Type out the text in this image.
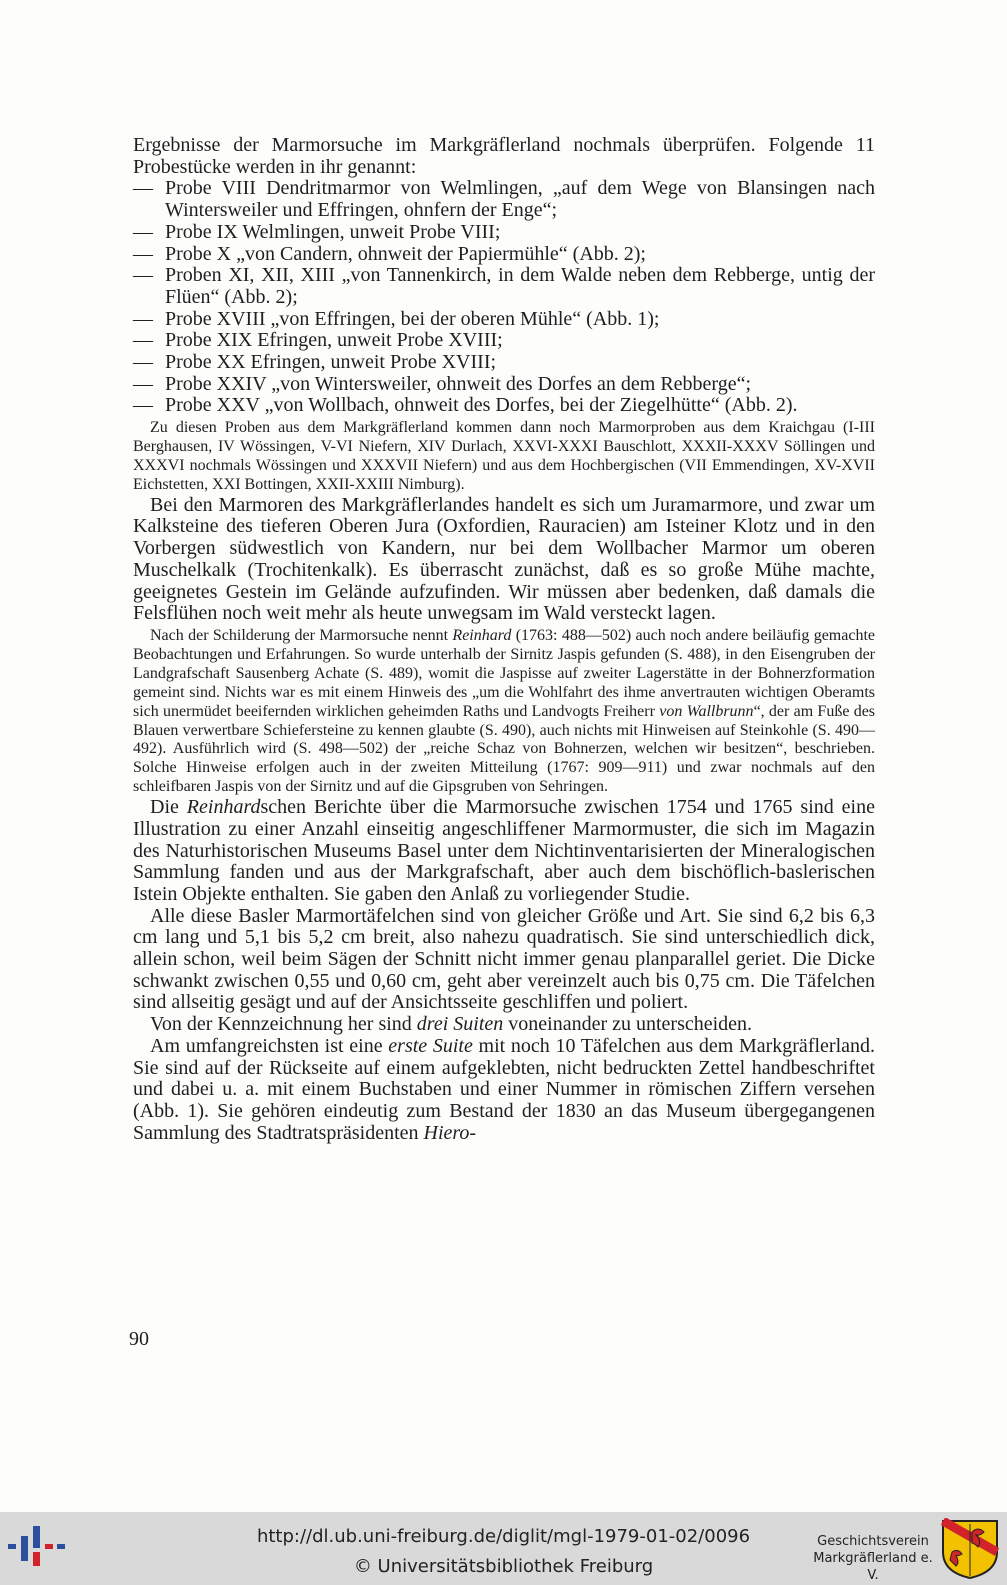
Ergebnisse der Marmorsuche im Markgräflerland nochmals überprüfen. Folgende 11 Probestücke werden in ihr genannt:

— Probe VIII Dendritmarmor von Welmlingen, „auf dem Wege von Blansingen nach Wintersweiler und Effringen, ohnfern der Enge“;
— Probe IX Welmlingen, unweit Probe VIII;
— Probe X „von Candern, ohnweit der Papiermühle“ (Abb. 2);
— Proben XI, XII, XIII „von Tannenkirch, in dem Walde neben dem Rebberge, untig der Flüen“ (Abb. 2);
— Probe XVIII „von Effringen, bei der oberen Mühle“ (Abb. 1);
— Probe XIX Efringen, unweit Probe XVIII;
— Probe XX Efringen, unweit Probe XVIII;
— Probe XXIV „von Wintersweiler, ohnweit des Dorfes an dem Rebberge“;
— Probe XXV „von Wollbach, ohnweit des Dorfes, bei der Ziegelhütte“ (Abb. 2).

Zu diesen Proben aus dem Markgräflerland kommen dann noch Marmorproben aus dem Kraichgau (I-III Berghausen, IV Wössingen, V-VI Niefern, XIV Durlach, XXVI-XXXI Bauschlott, XXXII-XXXV Söllingen und XXXVI nochmals Wössingen und XXXVII Niefern) und aus dem Hochbergischen (VII Emmendingen, XV-XVII Eichstetten, XXI Bottingen, XXII-XXIII Nimburg).

Bei den Marmoren des Markgräflerlandes handelt es sich um Juramarmore, und zwar um Kalksteine des tieferen Oberen Jura (Oxfordien, Rauracien) am Isteiner Klotz und in den Vorbergen südwestlich von Kandern, nur bei dem Wollbacher Marmor um oberen Muschelkalk (Trochitenkalk). Es überrascht zunächst, daß es so große Mühe machte, geeignetes Gestein im Gelände aufzufinden. Wir müssen aber bedenken, daß damals die Felsflühen noch weit mehr als heute unwegsam im Wald versteckt lagen.

Nach der Schilderung der Marmorsuche nennt Reinhard (1763: 488—502) auch noch andere beiläufig gemachte Beobachtungen und Erfahrungen. So wurde unterhalb der Sirnitz Jaspis gefunden (S. 488), in den Eisengruben der Landgrafschaft Sausenberg Achate (S. 489), womit die Jaspisse auf zweiter Lagerstätte in der Bohnerzformation gemeint sind. Nichts war es mit einem Hinweis des „um die Wohlfahrt des ihme anvertrauten wichtigen Oberamts sich unermüdet beeifernden wirklichen geheimden Raths und Landvogts Freiherr von Wallbrunn“, der am Fuße des Blauen verwertbare Schiefersteine zu kennen glaubte (S. 490), auch nichts mit Hinweisen auf Steinkohle (S. 490—492). Ausführlich wird (S. 498—502) der „reiche Schaz von Bohnerzen, welchen wir besitzen“, beschrieben. Solche Hinweise erfolgen auch in der zweiten Mitteilung (1767: 909—911) und zwar nochmals auf den schleifbaren Jaspis von der Sirnitz und auf die Gipsgruben von Sehringen.

Die Reinhardschen Berichte über die Marmorsuche zwischen 1754 und 1765 sind eine Illustration zu einer Anzahl einseitig angeschliffener Marmormuster, die sich im Magazin des Naturhistorischen Museums Basel unter dem Nichtinventarisierten der Mineralogischen Sammlung fanden und aus der Markgrafschaft, aber auch dem bischöflich-baslerischen Istein Objekte enthalten. Sie gaben den Anlaß zu vorliegender Studie.

Alle diese Basler Marmortäfelchen sind von gleicher Größe und Art. Sie sind 6,2 bis 6,3 cm lang und 5,1 bis 5,2 cm breit, also nahezu quadratisch. Sie sind unterschiedlich dick, allein schon, weil beim Sägen der Schnitt nicht immer genau planparallel geriet. Die Dicke schwankt zwischen 0,55 und 0,60 cm, geht aber vereinzelt auch bis 0,75 cm. Die Täfelchen sind allseitig gesägt und auf der Ansichtsseite geschliffen und poliert.

Von der Kennzeichnung her sind drei Suiten voneinander zu unterscheiden.

Am umfangreichsten ist eine erste Suite mit noch 10 Täfelchen aus dem Markgräflerland. Sie sind auf der Rückseite auf einem aufgeklebten, nicht bedruckten Zettel handbeschriftet und dabei u. a. mit einem Buchstaben und einer Nummer in römischen Ziffern versehen (Abb. 1). Sie gehören eindeutig zum Bestand der 1830 an das Museum übergegangenen Sammlung des Stadtratspräsidenten Hiero-

90
http://dl.ub.uni-freiburg.de/diglit/mgl-1979-01-02/0096
© Universitätsbibliothek Freiburg
Geschichtsverein
Markgräflerland e. V.
